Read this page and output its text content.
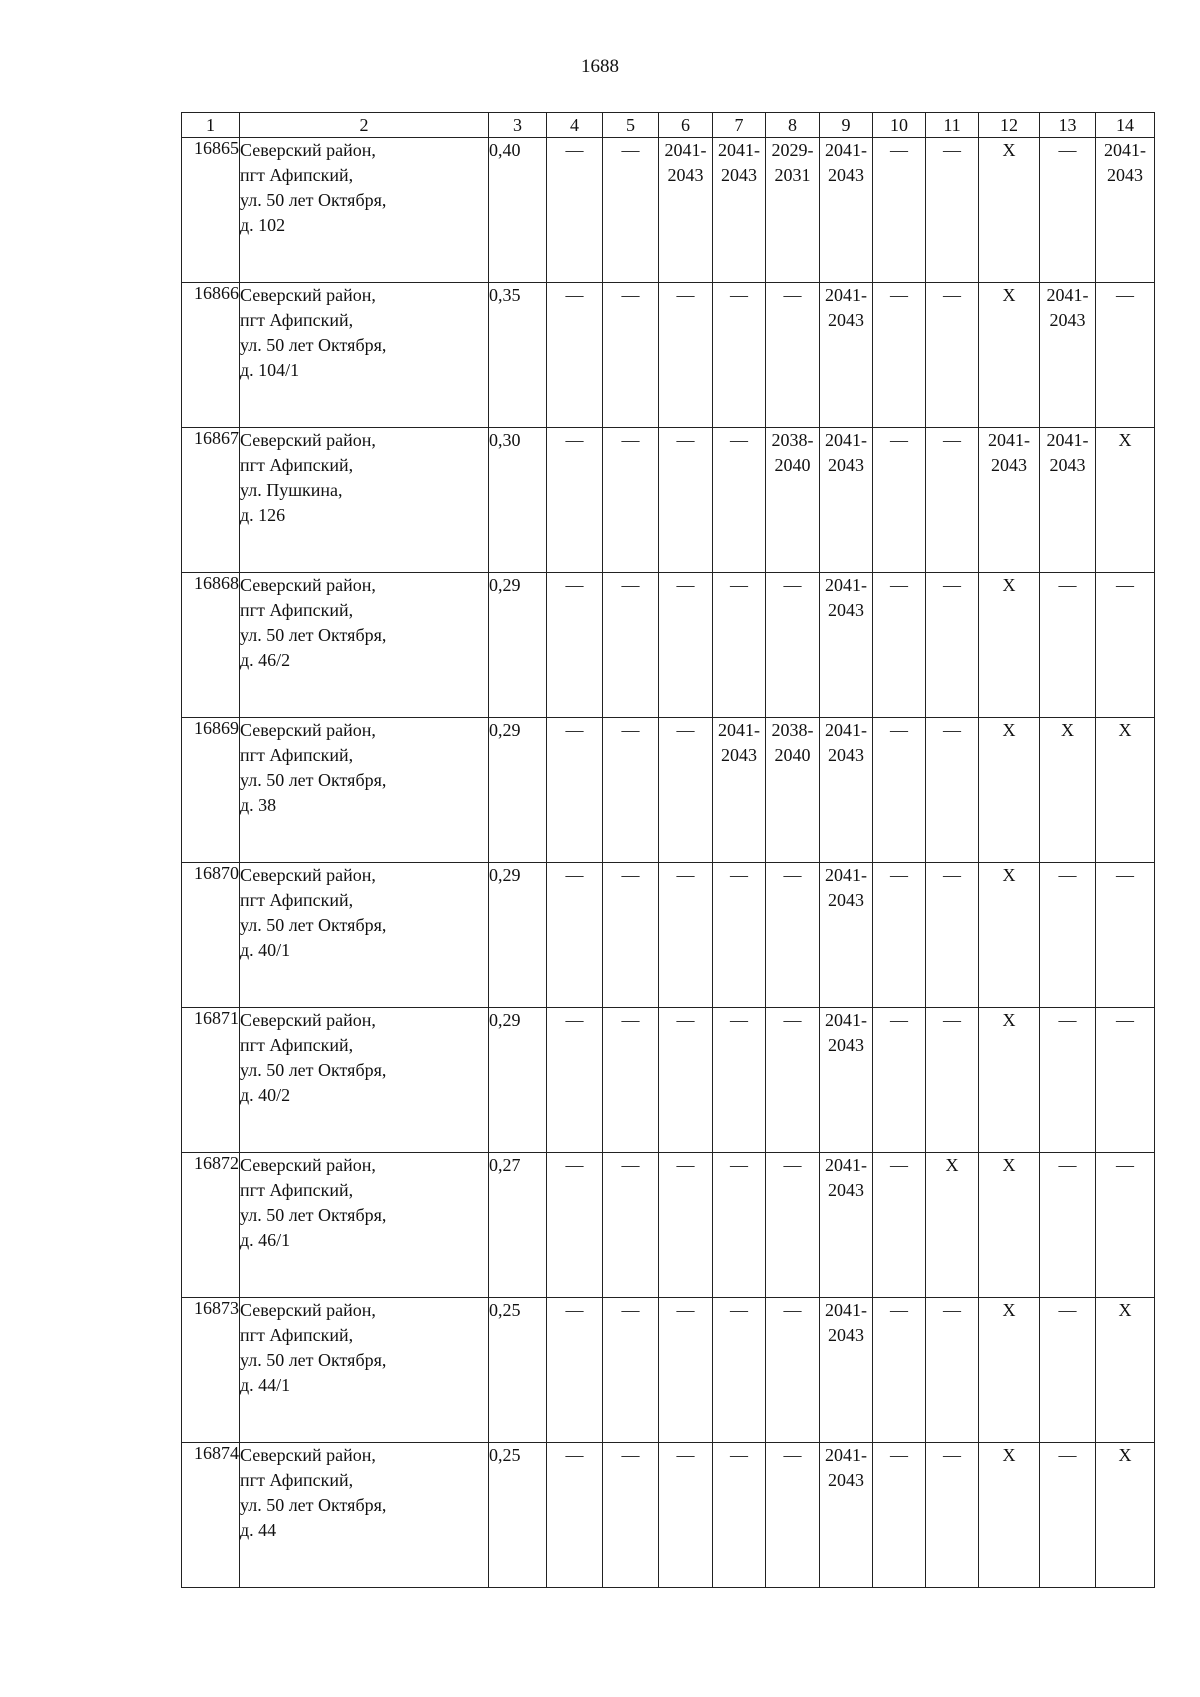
1688
1	2	3	4	5	6	7	8	9	10	11	12	13	14
16865	Северский район,
пгт Афипский,
ул. 50 лет Октября,
д. 102	0,40	—	—	2041-
2043	2041-
2043	2029-
2031	2041-
2043	—	—	Х	—	2041-
2043

16866	Северский район,
пгт Афипский,
ул. 50 лет Октября,
д. 104/1	0,35	—	—	—	—	—	2041-
2043	—	—	Х	2041-
2043	—
16867	Северский район,
пгт Афипский,
ул. Пушкина,
д. 126	0,30	—	—	—	—	2038-
2040	2041-
2043	—	—	2041-
2043	2041-
2043	Х
16868	Северский район,
пгт Афипский,
ул. 50 лет Октября,
д. 46/2	0,29	—	—	—	—	—	2041-
2043	—	—	Х	—	—
16869	Северский район,
пгт Афипский,
ул. 50 лет Октября,
д. 38	0,29	—	—	—	2041-
2043	2038-
2040	2041-
2043	—	—	Х	Х	Х
16870	Северский район,
пгт Афипский,
ул. 50 лет Октября,
д. 40/1	0,29	—	—	—	—	—	2041-
2043	—	—	Х	—	—
16871	Северский район,
пгт Афипский,
ул. 50 лет Октября,
д. 40/2	0,29	—	—	—	—	—	2041-
2043	—	—	Х	—	—
16872	Северский район,
пгт Афипский,
ул. 50 лет Октября,
д. 46/1	0,27	—	—	—	—	—	2041-
2043	—	Х	Х	—	—
16873	Северский район,
пгт Афипский,
ул. 50 лет Октября,
д. 44/1	0,25	—	—	—	—	—	2041-
2043	—	—	Х	—	Х
16874	Северский район,
пгт Афипский,
ул. 50 лет Октября,
д. 44	0,25	—	—	—	—	—	2041-
2043	—	—	Х	—	Х
